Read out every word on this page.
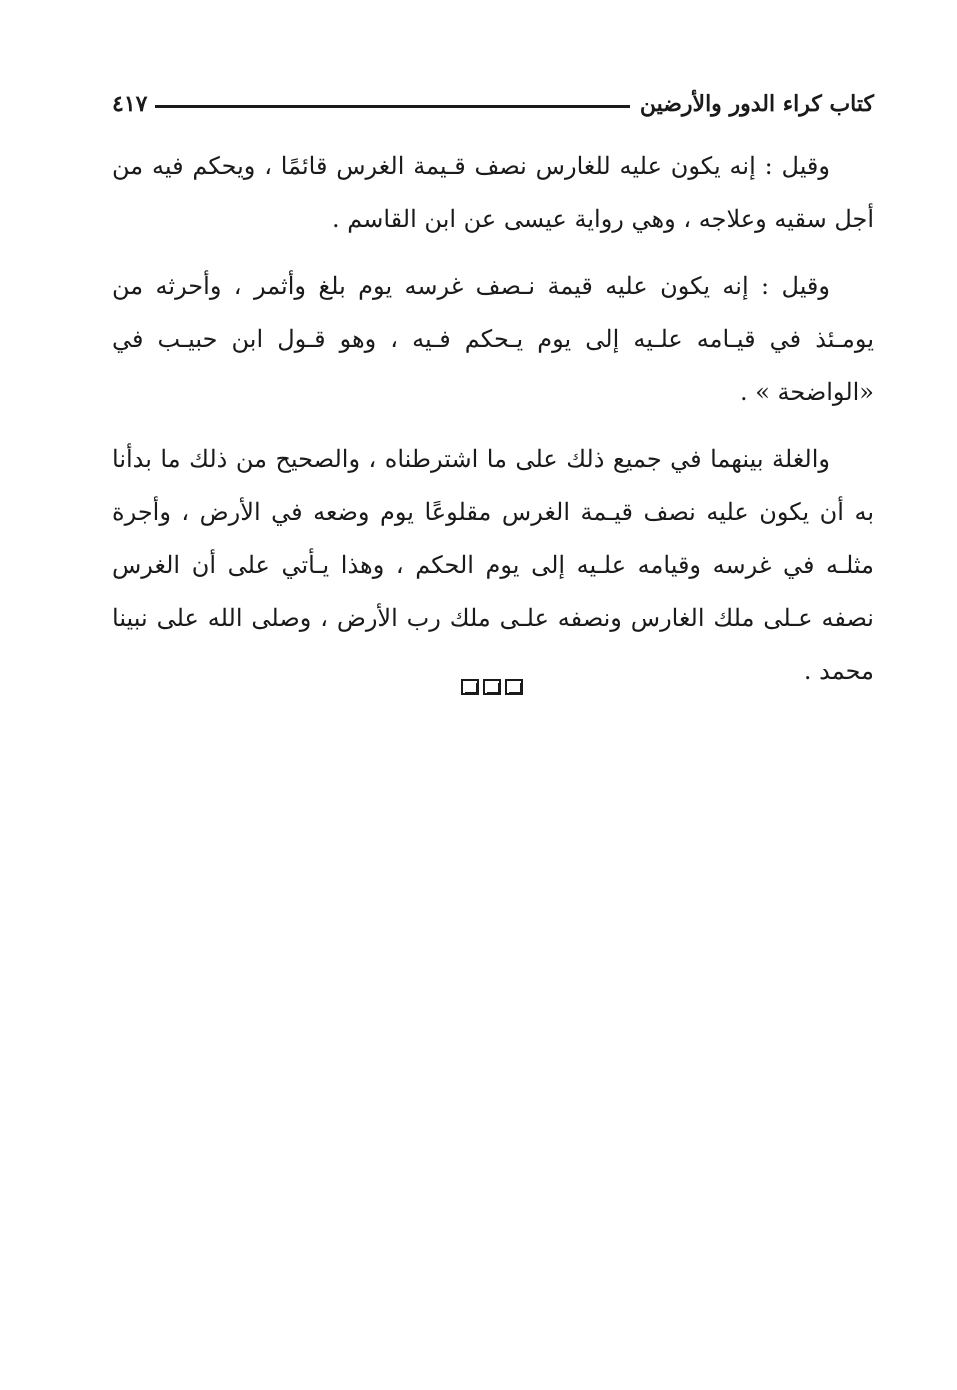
كتاب كراء الدور والأرضين
٤١٧

وقيل : إنه يكون عليه للغارس نصف قـيمة الغرس قائمًا ، ويحكم فيه من أجل سقيه وعلاجه ، وهي رواية عيسى عن ابن القاسم .

وقيل : إنه يكون عليه قيمة نـصف غرسه يوم بلغ وأثمر ، وأحرثه من يومـئذ في قيـامه علـيه إلى يوم يـحكم فـيه ، وهو قـول ابن حبيـب في «الواضحة » .

والغلة بينهما في جميع ذلك على ما اشترطناه ، والصحيح من ذلك ما بدأنا به أن يكون عليه نصف قيـمة الغرس مقلوعًا يوم وضعه في الأرض ، وأجرة مثلـه في غرسه وقيامه علـيه إلى يوم الحكم ، وهذا يـأتي على أن الغرس نصفه عـلى ملك الغارس ونصفه علـى ملك رب الأرض ، وصلى الله على نبينا محمد .
